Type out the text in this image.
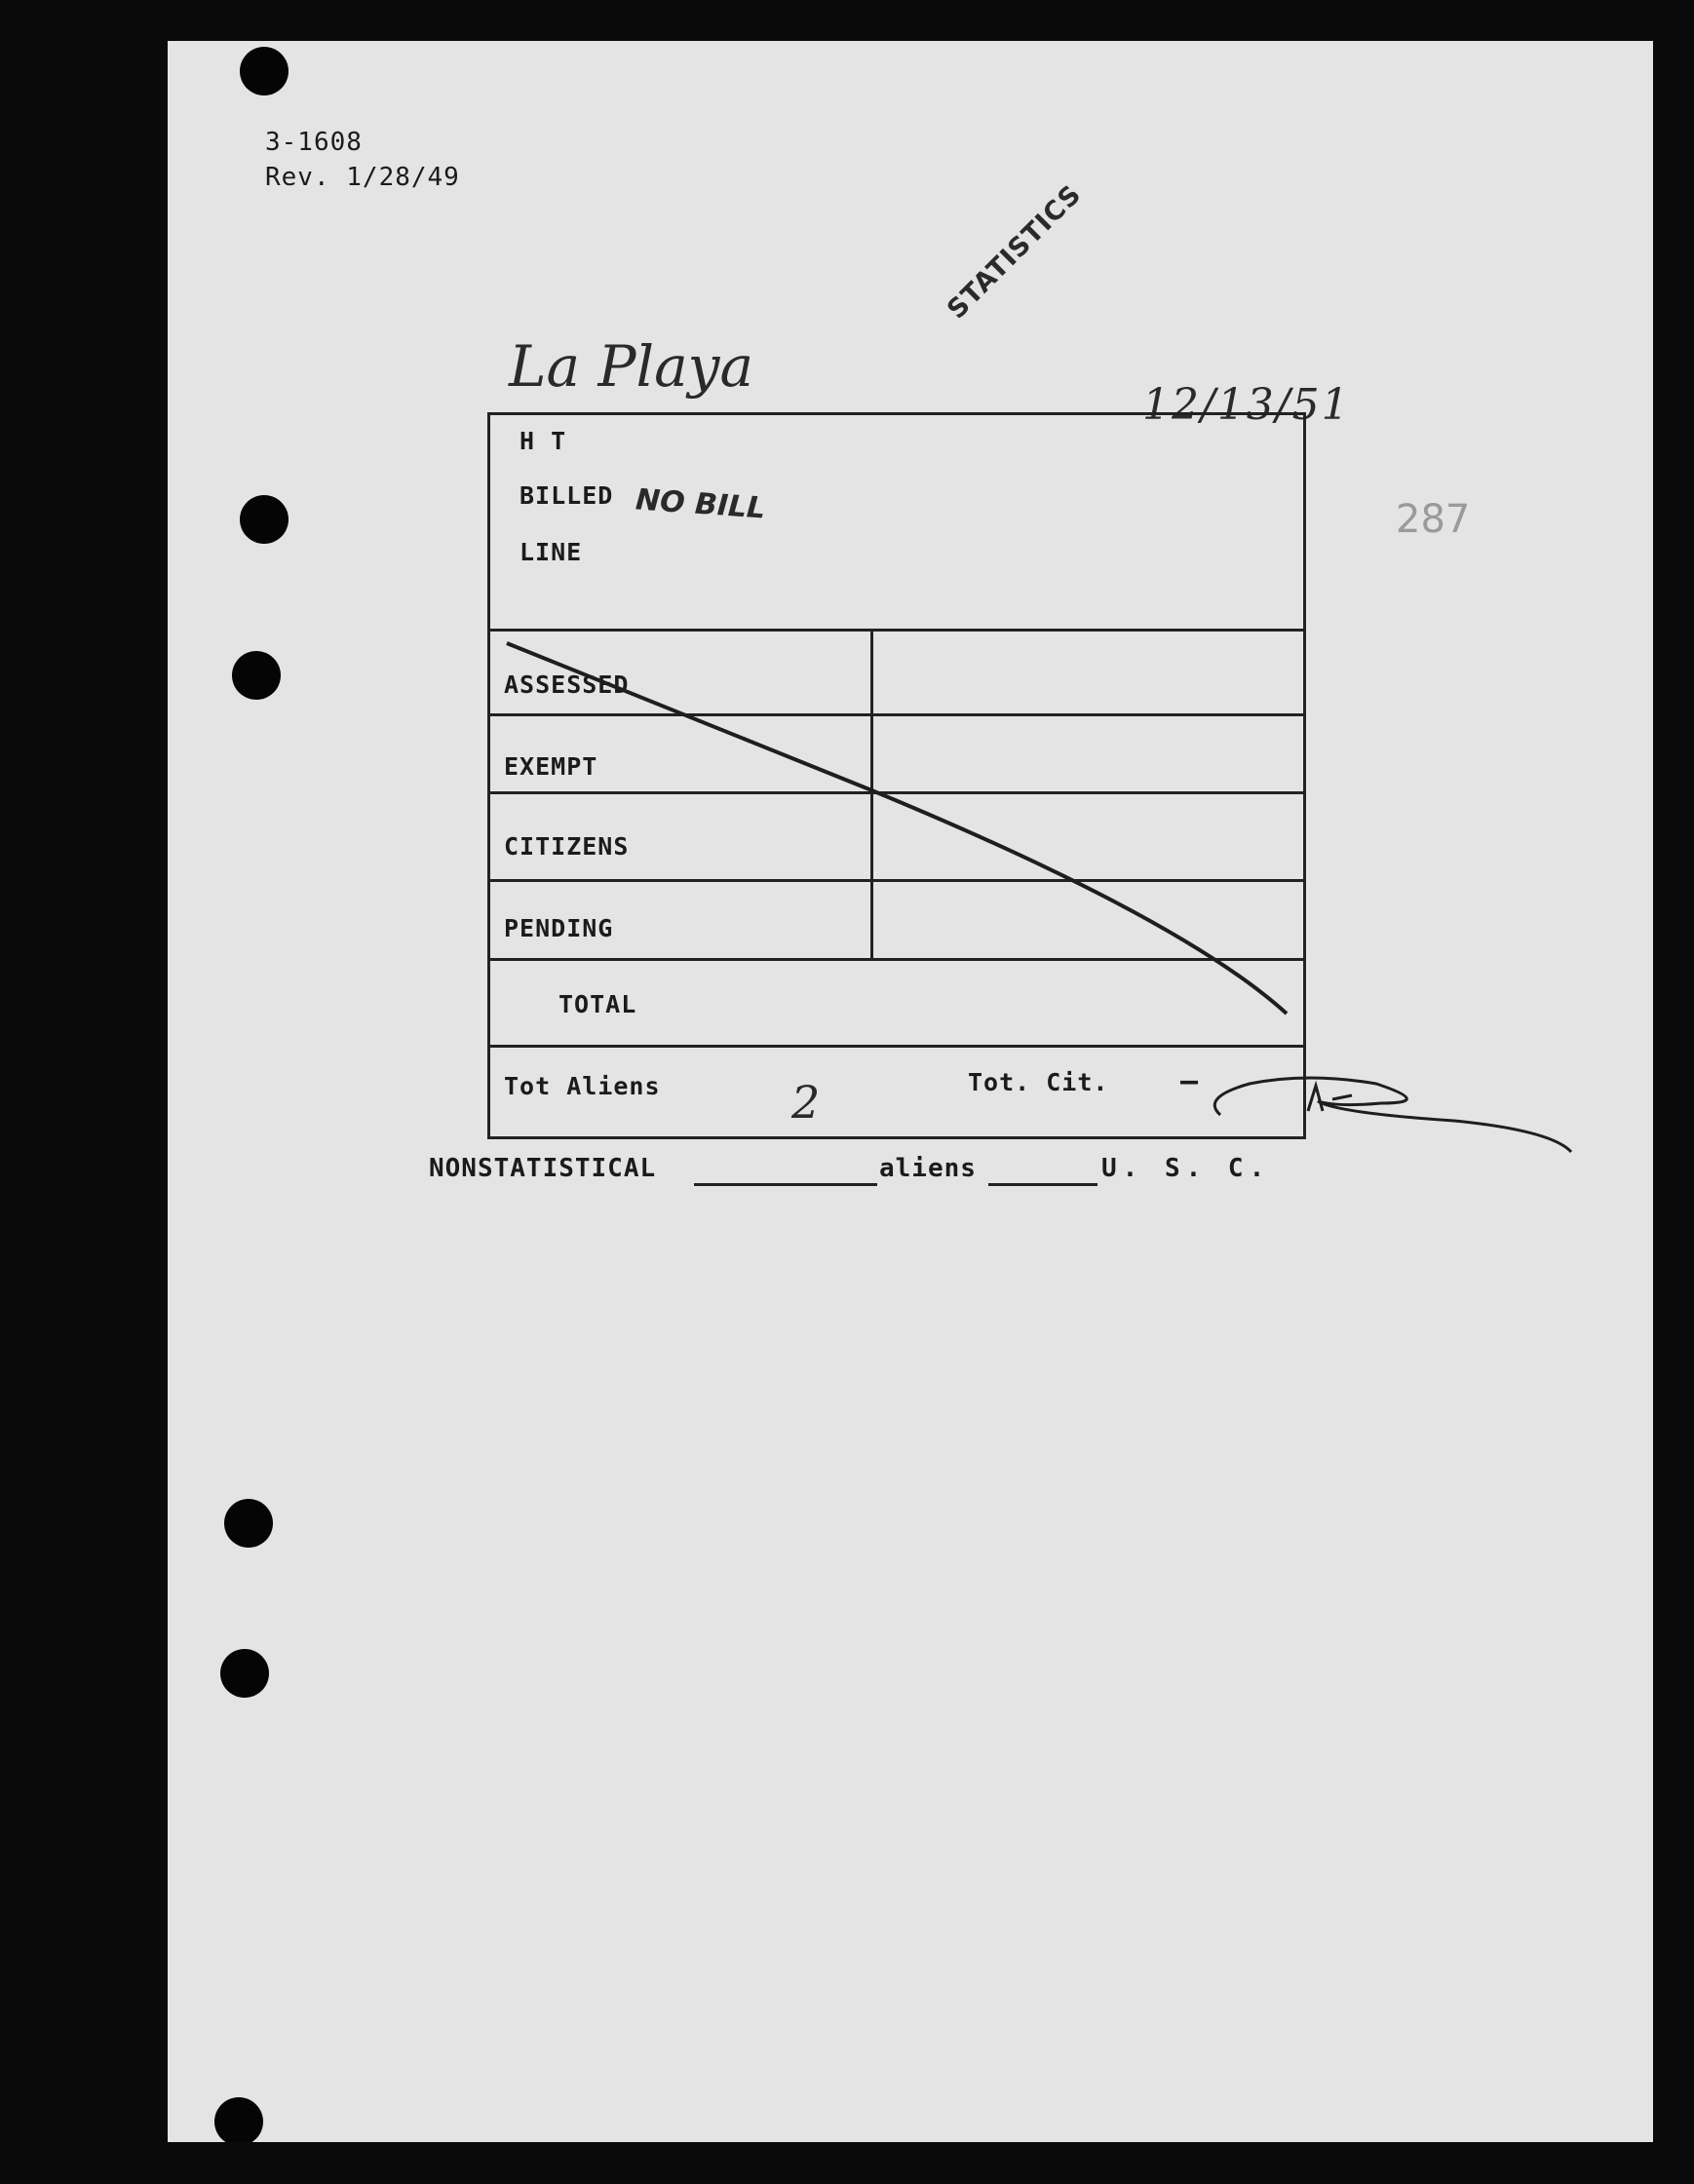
3-1608
Rev. 1/28/49
STATISTICS
NO BILL
La Playa
12/13/51
287
H T
BILLED
LINE
ASSESSED
EXEMPT
CITIZENS
PENDING
TOTAL
Tot Aliens	Tot. Cit. —
2
NONSTATISTICAL	aliens	U. S. C.
